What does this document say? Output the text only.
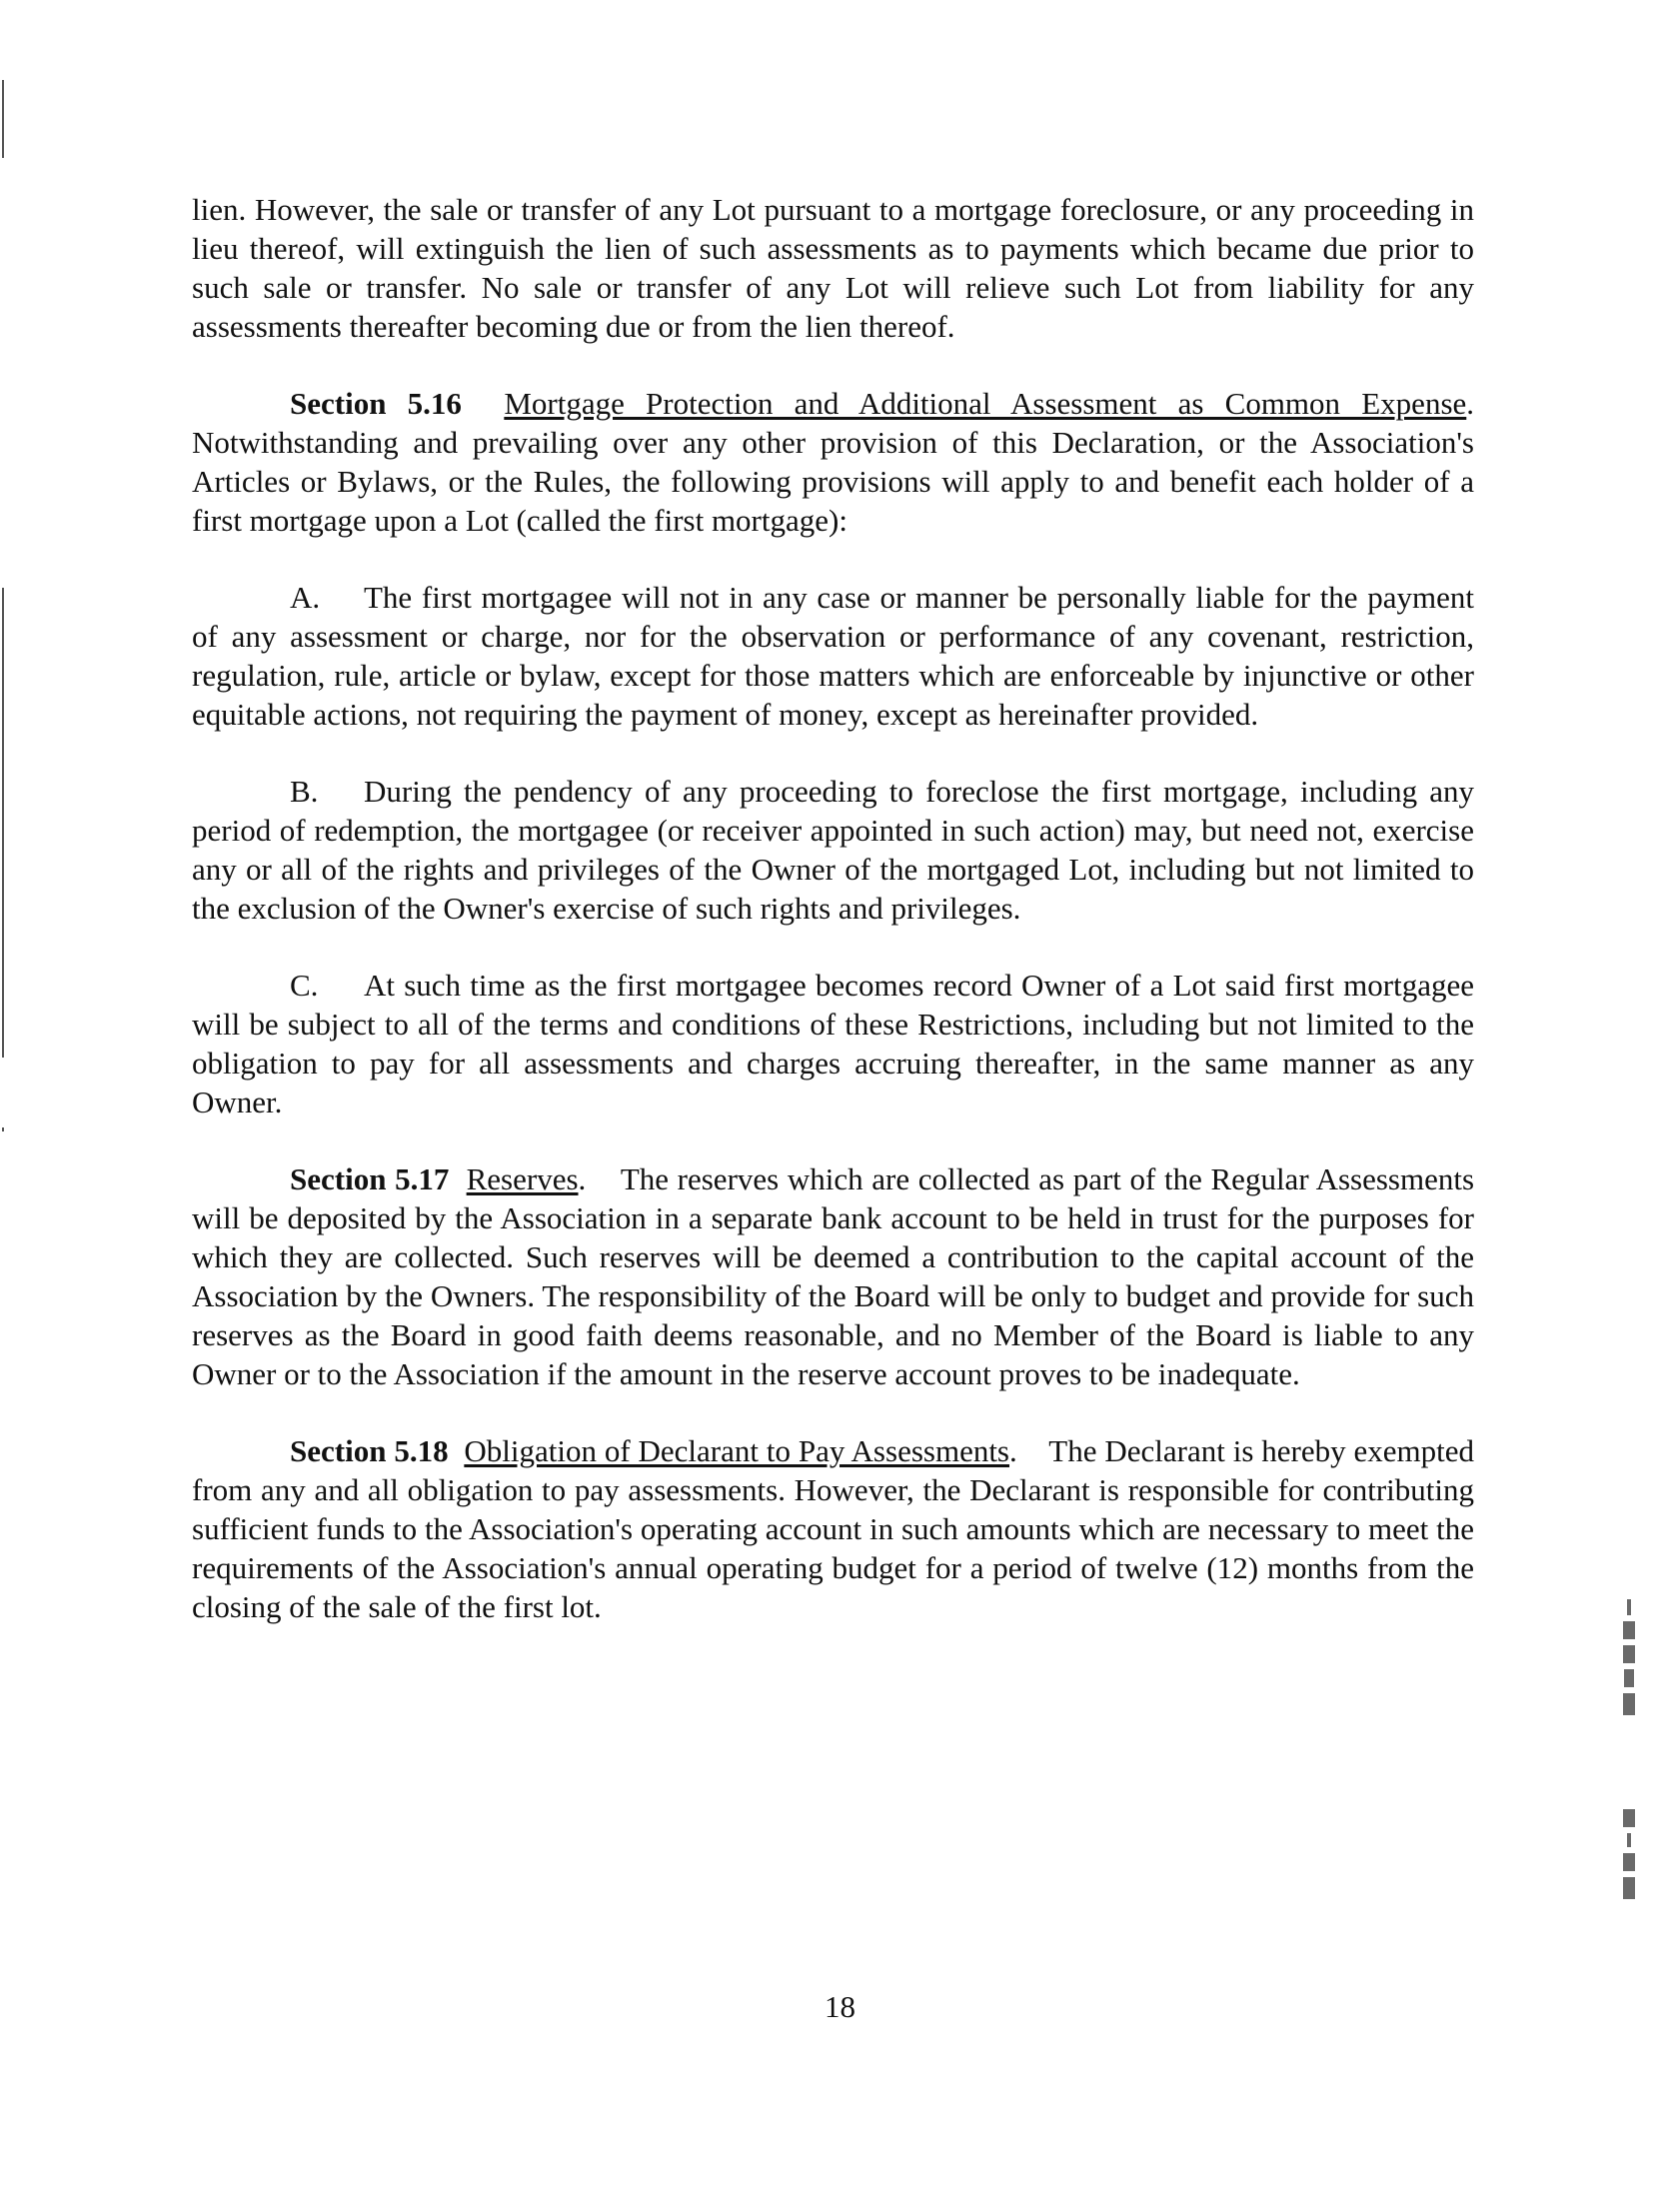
lien. However, the sale or transfer of any Lot pursuant to a mortgage foreclosure, or any proceeding in lieu thereof, will extinguish the lien of such assessments as to payments which became due prior to such sale or transfer. No sale or transfer of any Lot will relieve such Lot from liability for any assessments thereafter becoming due or from the lien thereof.

Section 5.16 Mortgage Protection and Additional Assessment as Common Expense. Notwithstanding and prevailing over any other provision of this Declaration, or the Association's Articles or Bylaws, or the Rules, the following provisions will apply to and benefit each holder of a first mortgage upon a Lot (called the first mortgage):

A. The first mortgagee will not in any case or manner be personally liable for the payment of any assessment or charge, nor for the observation or performance of any covenant, restriction, regulation, rule, article or bylaw, except for those matters which are enforceable by injunctive or other equitable actions, not requiring the payment of money, except as hereinafter provided.

B. During the pendency of any proceeding to foreclose the first mortgage, including any period of redemption, the mortgagee (or receiver appointed in such action) may, but need not, exercise any or all of the rights and privileges of the Owner of the mortgaged Lot, including but not limited to the exclusion of the Owner's exercise of such rights and privileges.

C. At such time as the first mortgagee becomes record Owner of a Lot said first mortgagee will be subject to all of the terms and conditions of these Restrictions, including but not limited to the obligation to pay for all assessments and charges accruing thereafter, in the same manner as any Owner.

Section 5.17 Reserves.    The reserves which are collected as part of the Regular Assessments will be deposited by the Association in a separate bank account to be held in trust for the purposes for which they are collected. Such reserves will be deemed a contribution to the capital account of the Association by the Owners. The responsibility of the Board will be only to budget and provide for such reserves as the Board in good faith deems reasonable, and no Member of the Board is liable to any Owner or to the Association if the amount in the reserve account proves to be inadequate.

Section 5.18 Obligation of Declarant to Pay Assessments.    The Declarant is hereby exempted from any and all obligation to pay assessments. However, the Declarant is responsible for contributing sufficient funds to the Association's operating account in such amounts which are necessary to meet the requirements of the Association's annual operating budget for a period of twelve (12) months from the closing of the sale of the first lot.

18
